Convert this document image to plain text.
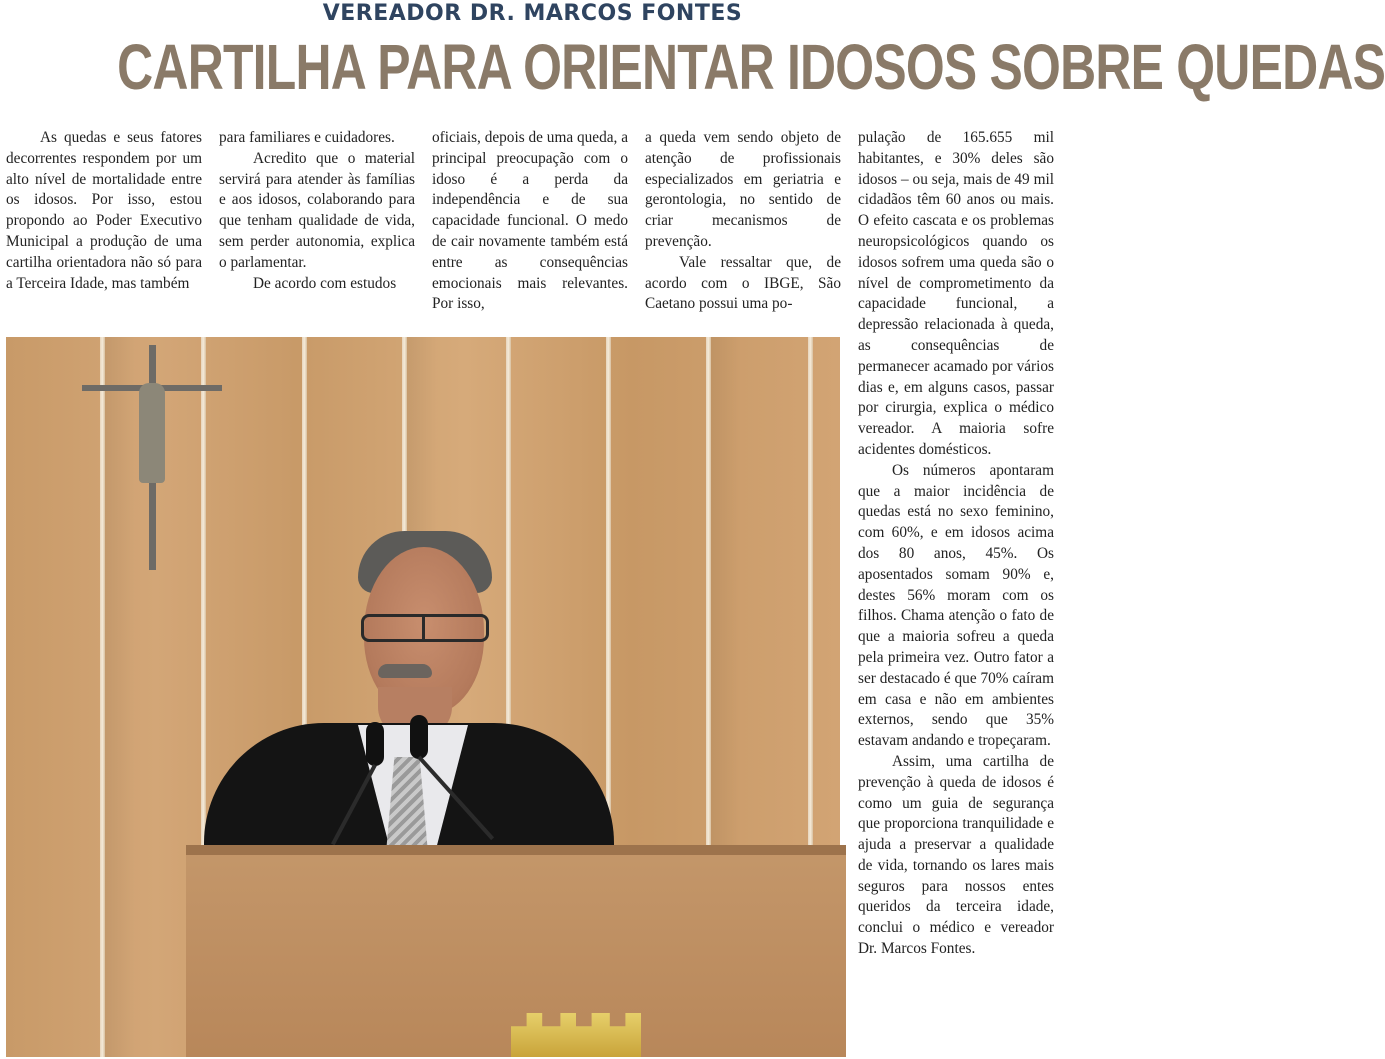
VEREADOR DR. MARCOS FONTES
CARTILHA PARA ORIENTAR IDOSOS SOBRE QUEDAS

As quedas e seus fatores decorrentes respondem por um alto nível de mortalidade entre os idosos. Por isso, estou propondo ao Poder Executivo Municipal a produção de uma cartilha orientadora não só para a Terceira Idade, mas também

para familiares e cuidadores.

Acredito que o material servirá para atender às famílias e aos idosos, colaborando para que tenham qualidade de vida, sem perder autonomia, explica o parlamentar.

De acordo com estudos

oficiais, depois de uma queda, a principal preocupação com o idoso é a perda da independência e de sua capacidade funcional. O medo de cair novamente também está entre as consequências emocionais mais relevantes. Por isso,

a queda vem sendo objeto de atenção de profissionais especializados em geriatria e gerontologia, no sentido de criar mecanismos de prevenção.

Vale ressaltar que, de acordo com o IBGE, São Caetano possui uma po-

pulação de 165.655 mil habitantes, e 30% deles são idosos – ou seja, mais de 49 mil cidadãos têm 60 anos ou mais. O efeito cascata e os problemas neuropsicológicos quando os idosos sofrem uma queda são o nível de comprometimento da capacidade funcional, a depressão relacionada à queda, as consequências de permanecer acamado por vários dias e, em alguns casos, passar por cirurgia, explica o médico vereador. A maioria sofre acidentes domésticos.

Os números apontaram que a maior incidência de quedas está no sexo feminino, com 60%, e em idosos acima dos 80 anos, 45%. Os aposentados somam 90% e, destes 56% moram com os filhos. Chama atenção o fato de que a maioria sofreu a queda pela primeira vez. Outro fator a ser destacado é que 70% caíram em casa e não em ambientes externos, sendo que 35% estavam andando e tropeçaram.

Assim, uma cartilha de prevenção à queda de idosos é como um guia de segurança que proporciona tranquilidade e ajuda a preservar a qualidade de vida, tornando os lares mais seguros para nossos entes queridos da terceira idade, conclui o médico e vereador Dr. Marcos Fontes.
